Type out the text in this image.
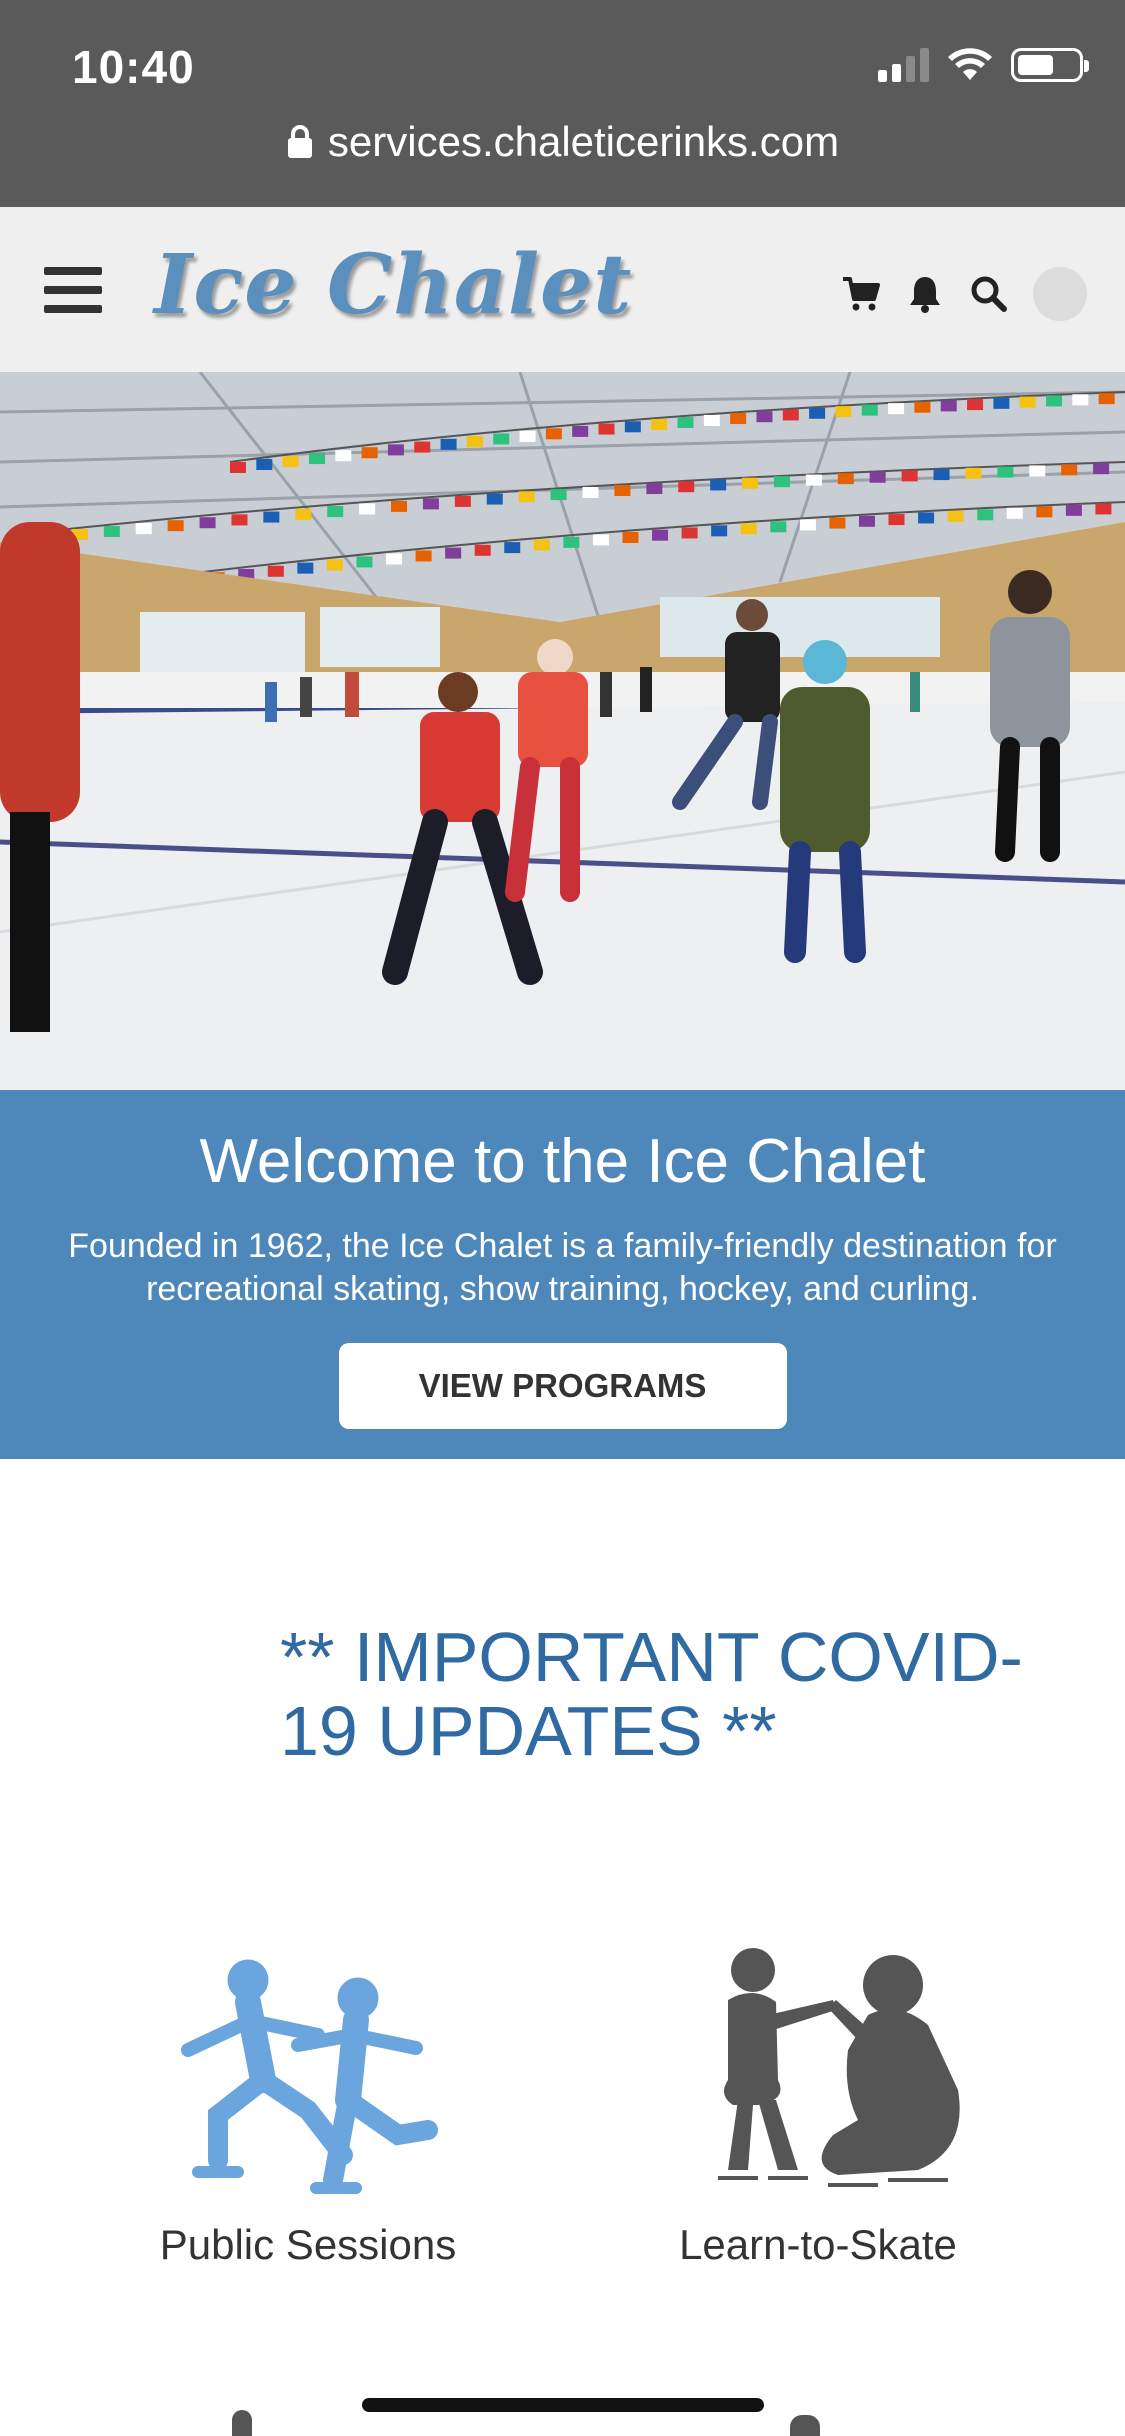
10:40
services.chaleticerinks.com
Ice Chalet
Welcome to the Ice Chalet

Founded in 1962, the Ice Chalet is a family-friendly destination for recreational skating, show training, hockey, and curling.

VIEW PROGRAMS
** IMPORTANT COVID-19 UPDATES **
Public Sessions	Learn-to-Skate
